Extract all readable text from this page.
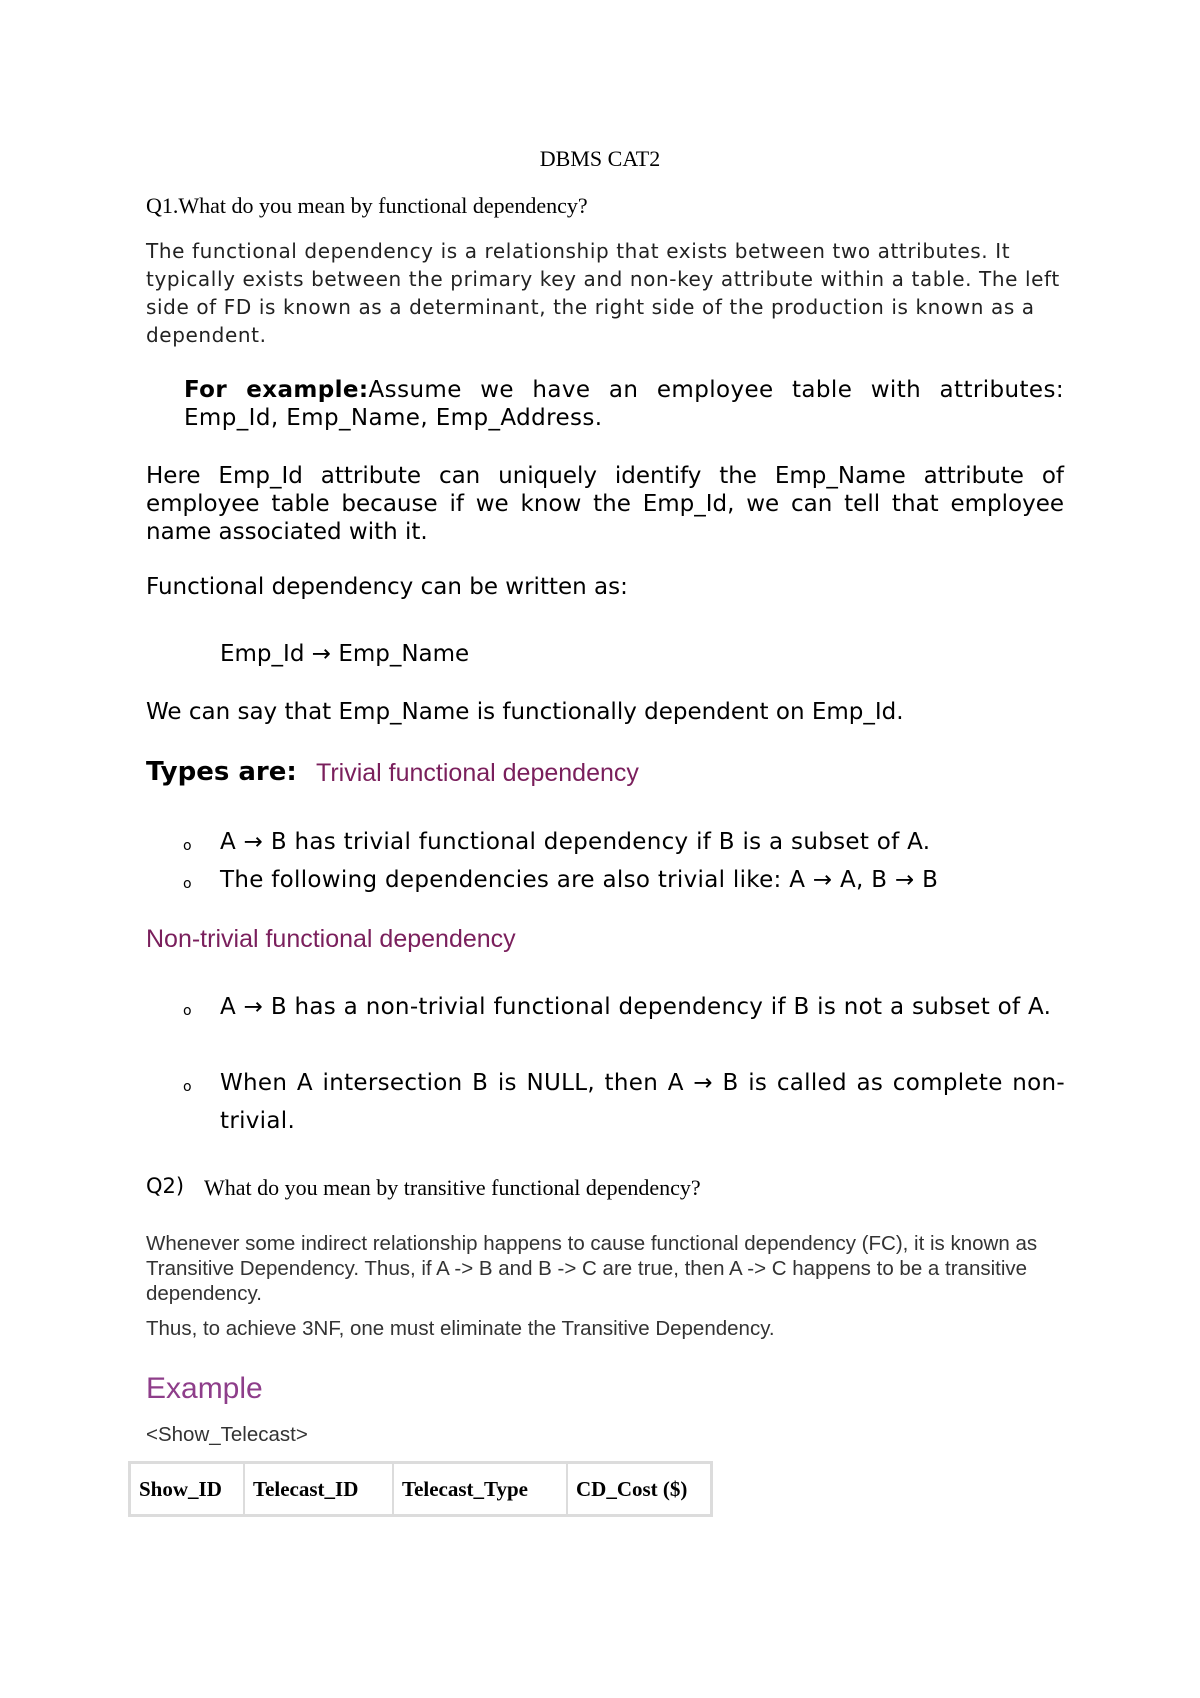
DBMS CAT2

Q1.What do you mean by functional dependency?

The functional dependency is a relationship that exists between two attributes. It typically exists between the primary key and non-key attribute within a table. The left side of FD is known as a determinant, the right side of the production is known as a dependent.

For example:Assume we have an employee table with attributes: Emp_Id, Emp_Name, Emp_Address.

Here Emp_Id attribute can uniquely identify the Emp_Name attribute of employee table because if we know the Emp_Id, we can tell that employee name associated with it.

Functional dependency can be written as:

Emp_Id → Emp_Name

We can say that Emp_Name is functionally dependent on Emp_Id.

Types are: Trivial functional dependency

o	A → B has trivial functional dependency if B is a subset of A.
o	The following dependencies are also trivial like: A → A, B → B

Non-trivial functional dependency

o	A → B has a non-trivial functional dependency if B is not a subset of A.
o	When A intersection B is NULL, then A → B is called as complete non-trivial.

Q2) What do you mean by transitive functional dependency?

Whenever some indirect relationship happens to cause functional dependency (FC), it is known as Transitive Dependency. Thus, if A -> B and B -> C are true, then A -> C happens to be a transitive dependency.

Thus, to achieve 3NF, one must eliminate the Transitive Dependency.

Example

<Show_Telecast>

Show_ID	Telecast_ID	Telecast_Type	CD_Cost ($)
